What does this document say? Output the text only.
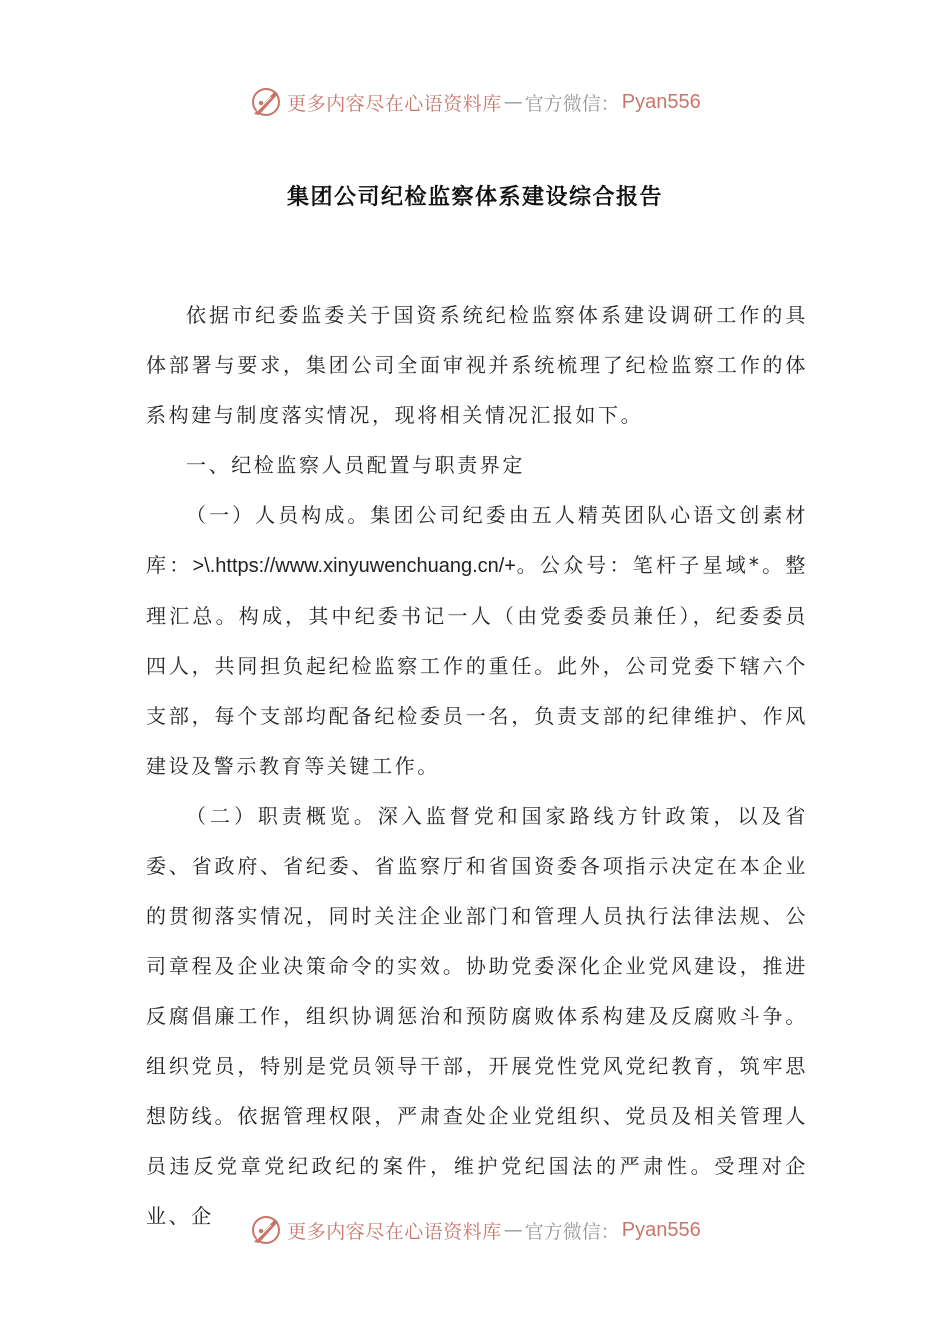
更多内容尽在心语资料库 — 官方微信： Pyan556
集团公司纪检监察体系建设综合报告

依据市纪委监委关于国资系统纪检监察体系建设调研工作的具体部署与要求，集团公司全面审视并系统梳理了纪检监察工作的体系构建与制度落实情况，现将相关情况汇报如下。

一、纪检监察人员配置与职责界定

（一）人员构成。集团公司纪委由五人精英团队心语文创素材库：>\.https://www.xinyuwenchuang.cn/+。公众号：笔杆子星域*。整理汇总。构成，其中纪委书记一人（由党委委员兼任），纪委委员四人，共同担负起纪检监察工作的重任。此外，公司党委下辖六个支部，每个支部均配备纪检委员一名，负责支部的纪律维护、作风建设及警示教育等关键工作。

（二）职责概览。深入监督党和国家路线方针政策，以及省委、省政府、省纪委、省监察厅和省国资委各项指示决定在本企业的贯彻落实情况，同时关注企业部门和管理人员执行法律法规、公司章程及企业决策命令的实效。协助党委深化企业党风建设，推进反腐倡廉工作，组织协调惩治和预防腐败体系构建及反腐败斗争。组织党员，特别是党员领导干部，开展党性党风党纪教育，筑牢思想防线。依据管理权限，严肃查处企业党组织、党员及相关管理人员违反党章党纪政纪的案件，维护党纪国法的严肃性。受理对企业、企

更多内容尽在心语资料库 — 官方微信： Pyan556
